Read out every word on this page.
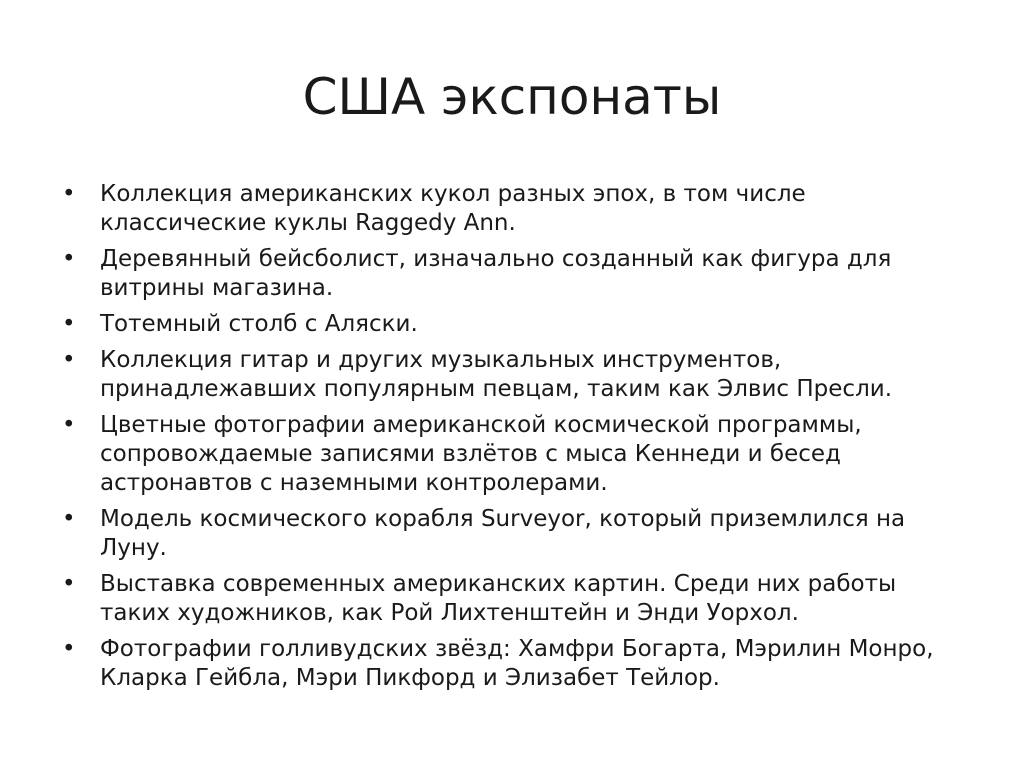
США экспонаты
• Коллекция американских кукол разных эпох, в том числе классические куклы Raggedy Ann.
• Деревянный бейсболист, изначально созданный как фигура для витрины магазина.
• Тотемный столб с Аляски.
• Коллекция гитар и других музыкальных инструментов, принадлежавших популярным певцам, таким как Элвис Пресли.
• Цветные фотографии американской космической программы, сопровождаемые записями взлётов с мыса Кеннеди и бесед астронавтов с наземными контролерами.
• Модель космического корабля Surveyor, который приземлился на Луну.
• Выставка современных американских картин. Среди них работы таких художников, как Рой Лихтенштейн и Энди Уорхол.
• Фотографии голливудских звёзд: Хамфри Богарта, Мэрилин Монро, Кларка Гейбла, Мэри Пикфорд и Элизабет Тейлор.
